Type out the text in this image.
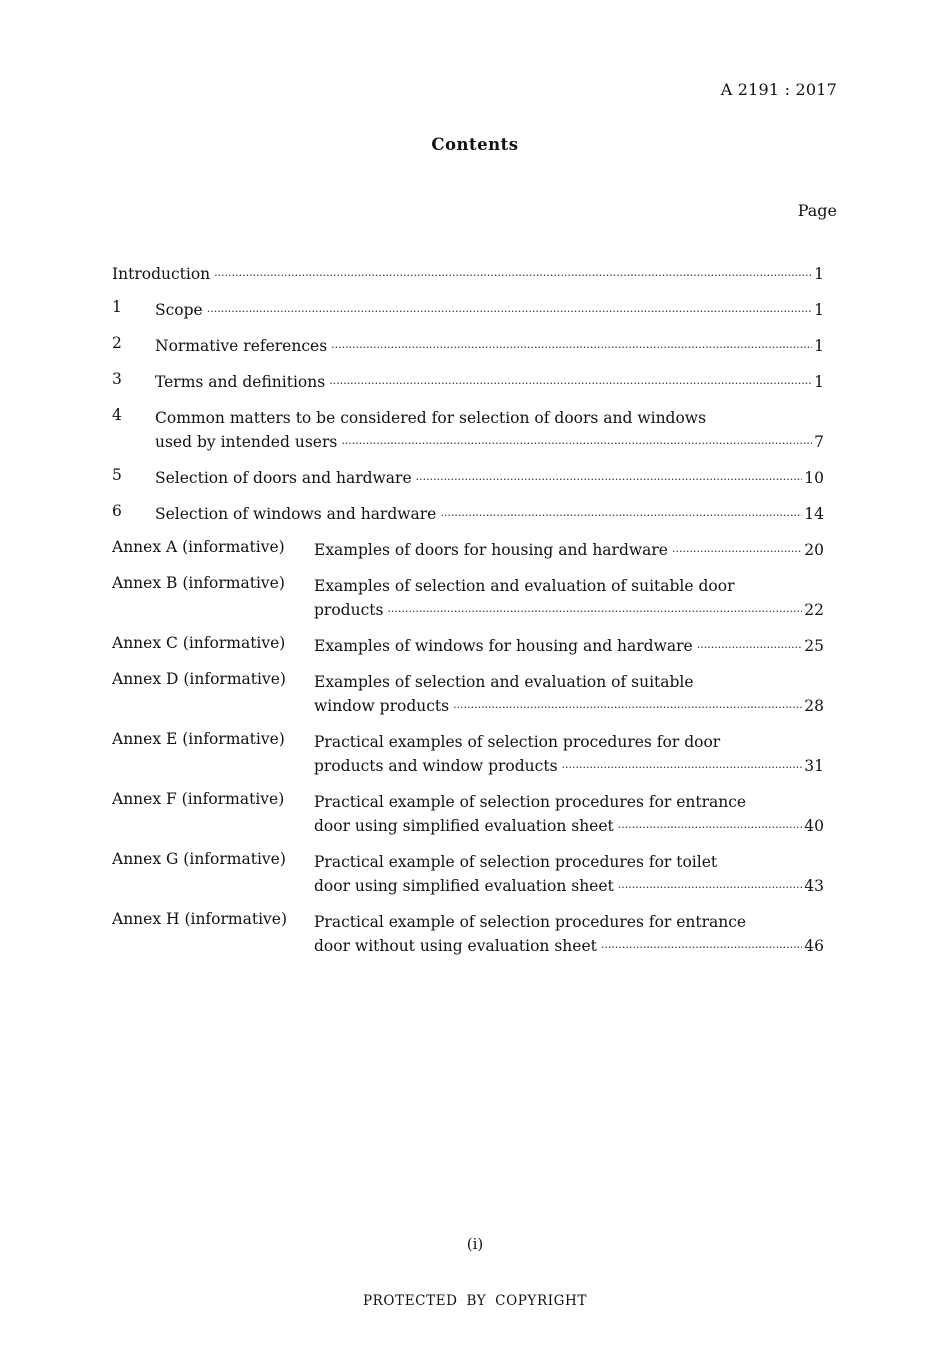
A 2191 : 2017
Contents
Page
Introduction ·····	1
1	Scope ·····	1
2	Normative references ·····	1
3	Terms and definitions ·····	1
4	Common matters to be considered for selection of doors and windows
used by intended users ·····	7
5	Selection of doors and hardware ·····	10
6	Selection of windows and hardware ·····	14
Annex A (informative)	Examples of doors for housing and hardware ·····	20
Annex B (informative)	Examples of selection and evaluation of suitable door
products ·····	22
Annex C (informative)	Examples of windows for housing and hardware ·····	25
Annex D (informative)	Examples of selection and evaluation of suitable
window products ·····	28
Annex E (informative)	Practical examples of selection procedures for door
products and window products ·····	31
Annex F (informative)	Practical example of selection procedures for entrance
door using simplified evaluation sheet ·····	40
Annex G (informative)	Practical example of selection procedures for toilet
door using simplified evaluation sheet ·····	43
Annex H (informative)	Practical example of selection procedures for entrance
door without using evaluation sheet ·····	46
(i)
PROTECTED BY COPYRIGHT
